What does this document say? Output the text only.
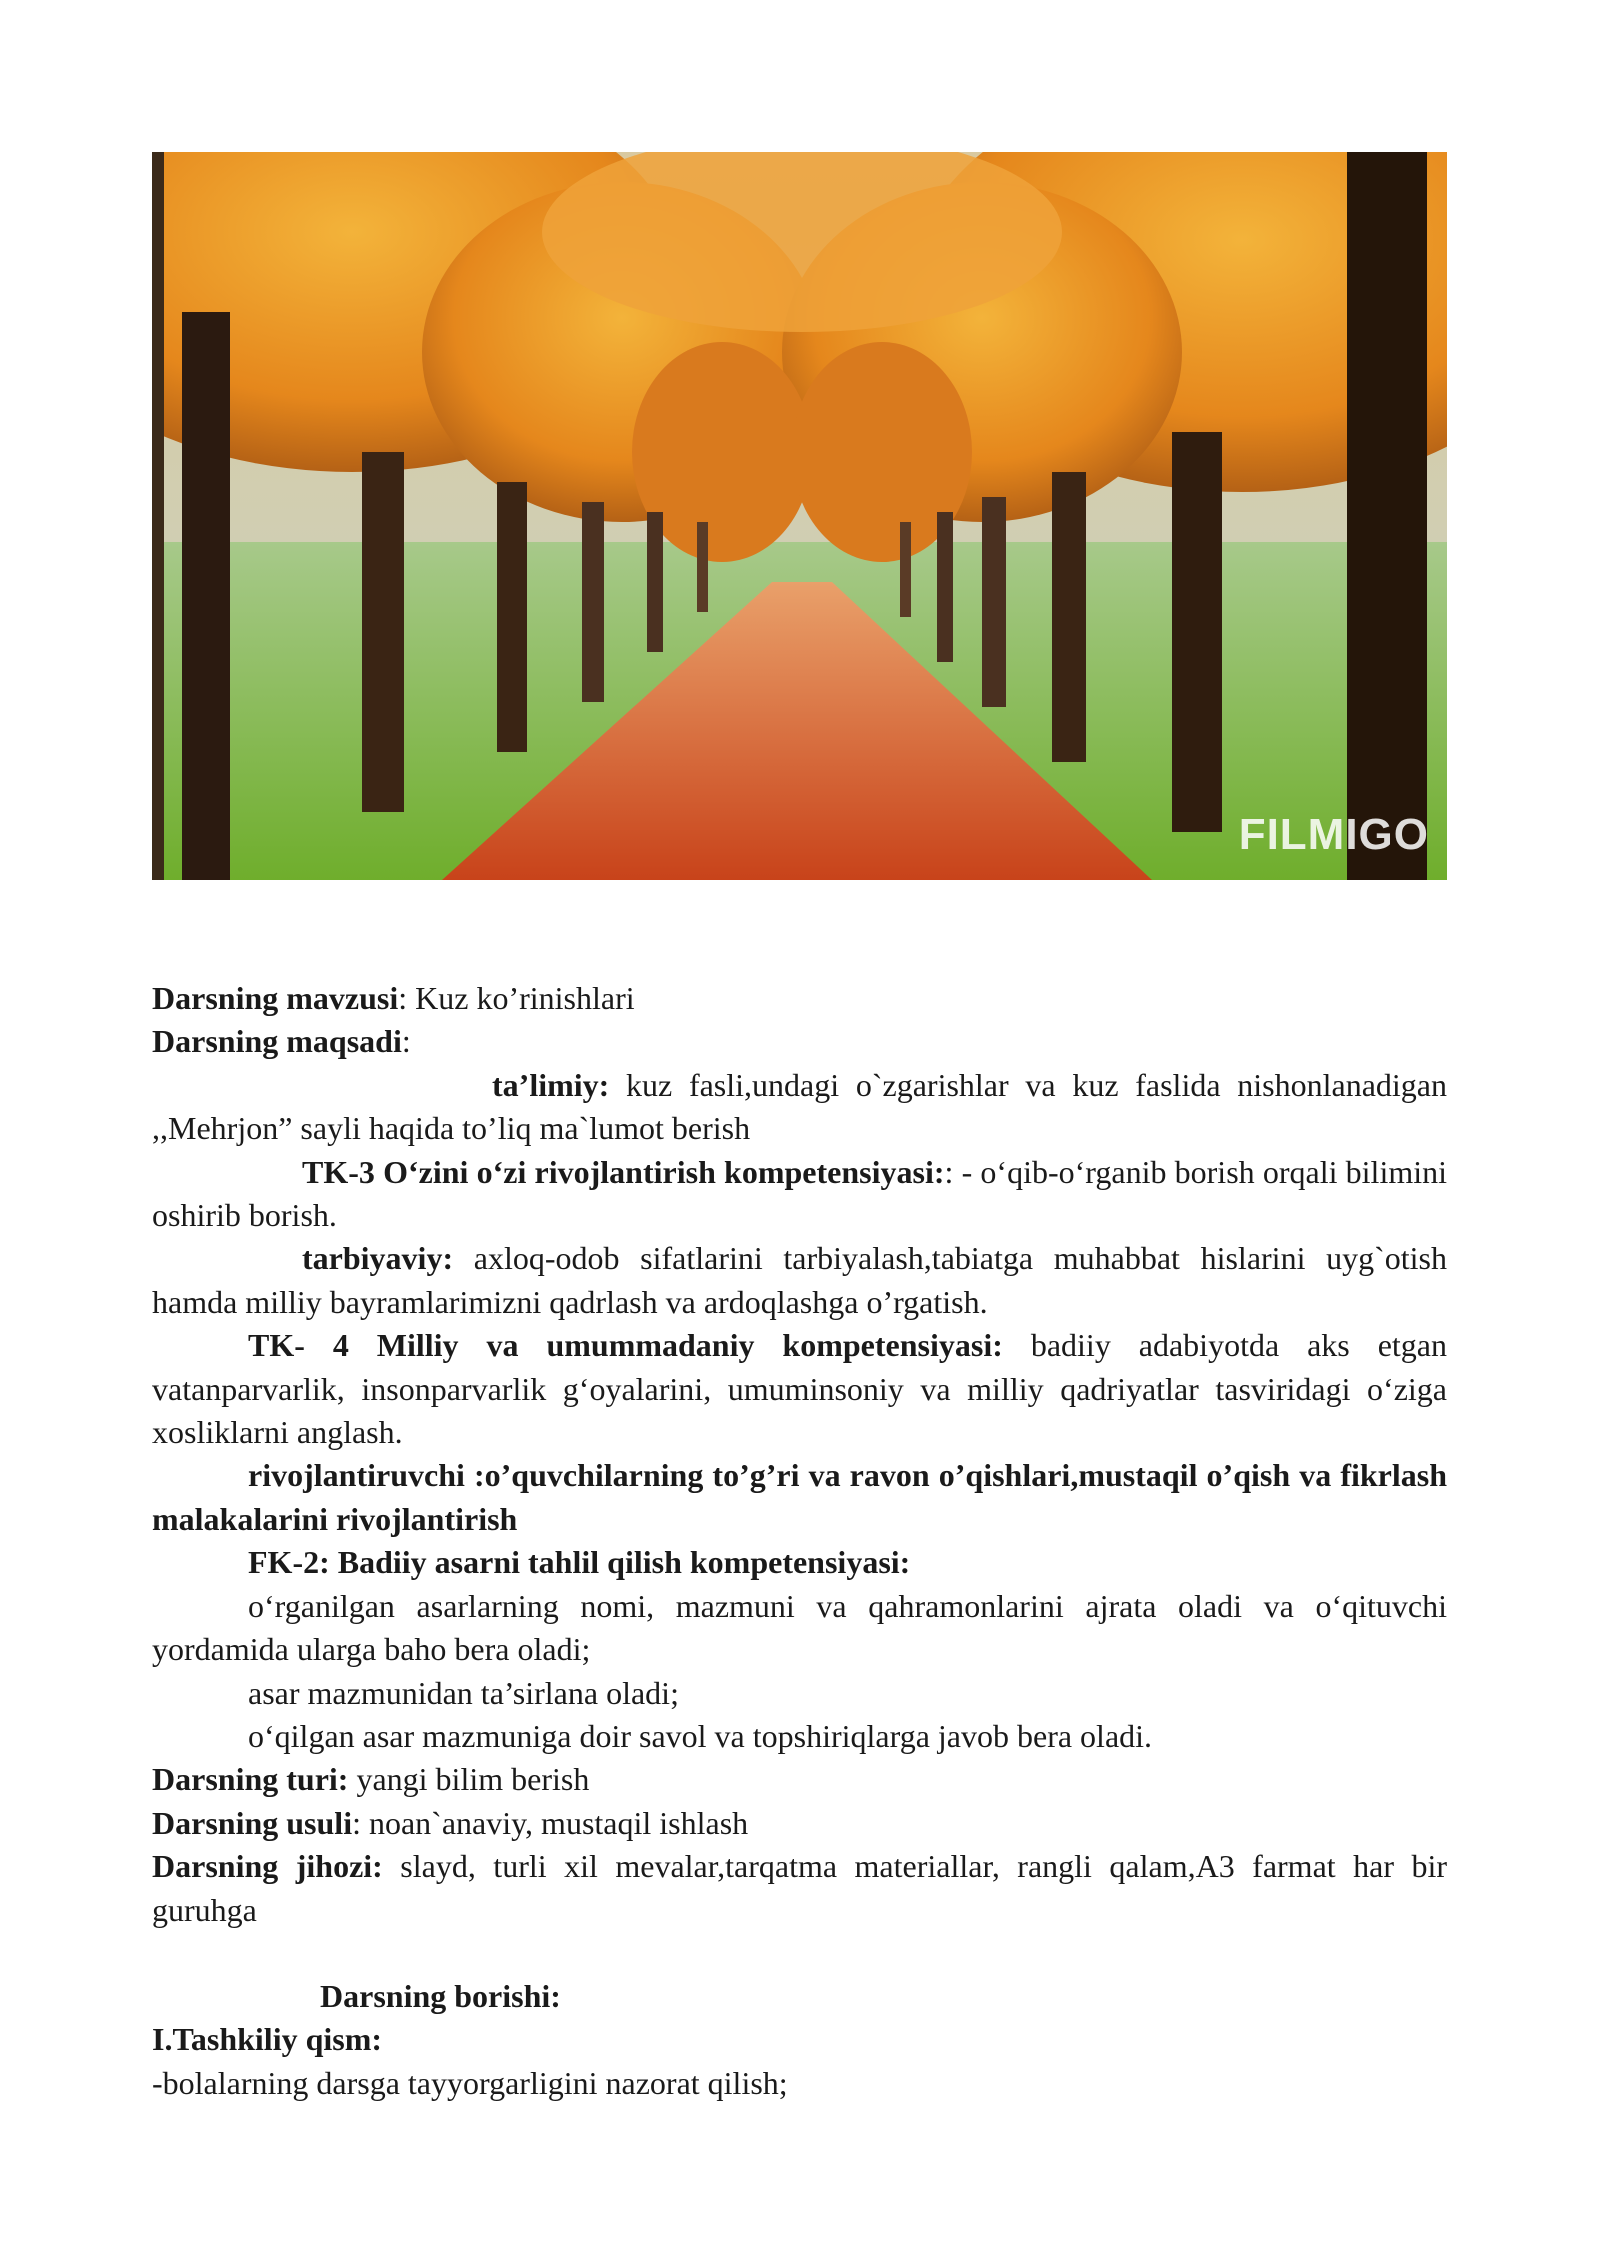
FILMIGO

Darsning mavzusi: Kuz ko’rinishlari

Darsning maqsadi:

ta’limiy: kuz fasli,undagi o`zgarishlar va kuz faslida nishonlanadigan ,,Mehrjon” sayli haqida to’liq ma`lumot berish

TK-3 O‘zini o‘zi rivojlantirish kompetensiyasi:: - o‘qib-o‘rganib borish orqali bilimini oshirib borish.

tarbiyaviy: axloq-odob sifatlarini tarbiyalash,tabiatga muhabbat hislarini uyg`otish hamda milliy bayramlarimizni qadrlash va ardoqlashga o’rgatish.

TK- 4 Milliy va umummadaniy kompetensiyasi: badiiy adabiyotda aks etgan vatanparvarlik, insonparvarlik g‘oyalarini, umuminsoniy va milliy qadriyatlar tasviridagi o‘ziga xosliklarni anglash.

rivojlantiruvchi :o’quvchilarning to’g’ri va ravon o’qishlari,mustaqil o’qish va fikrlash malakalarini rivojlantirish

FK-2: Badiiy asarni tahlil qilish kompetensiyasi:

o‘rganilgan asarlarning nomi, mazmuni va qahramonlarini ajrata oladi va o‘qituvchi yordamida ularga baho bera oladi;

asar mazmunidan ta’sirlana oladi;

o‘qilgan asar mazmuniga doir savol va topshiriqlarga javob bera oladi.

Darsning turi: yangi bilim berish

Darsning usuli: noan`anaviy, mustaqil ishlash

Darsning jihozi: slayd, turli xil mevalar,tarqatma materiallar, rangli qalam,A3 farmat har bir guruhga

Darsning borishi:

I.Tashkiliy qism:

-bolalarning darsga tayyorgarligini nazorat qilish;
